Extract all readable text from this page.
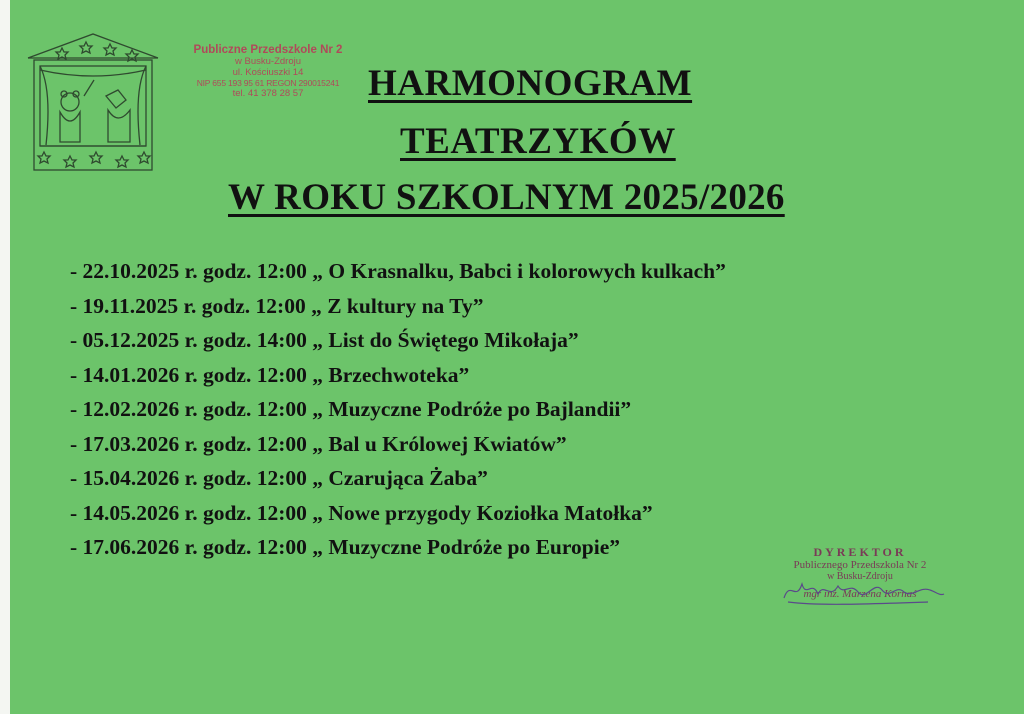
Publiczne Przedszkole Nr 2
w Busku-Zdroju
ul. Kościuszki 14
NIP 655 193 95 61 REGON 290015241
tel. 41 378 28 57	HARMONOGRAM
TEATRZYKÓW
W ROKU SZKOLNYM 2025/2026
- 22.10.2025 r. godz. 12:00 „ O Krasnalku, Babci i kolorowych kulkach”
- 19.11.2025 r. godz. 12:00 „ Z kultury na Ty”
- 05.12.2025 r. godz. 14:00 „ List do Świętego Mikołaja”
- 14.01.2026 r. godz. 12:00 „ Brzechwoteka”
- 12.02.2026 r. godz. 12:00 „ Muzyczne Podróże po Bajlandii”
- 17.03.2026 r. godz. 12:00 „ Bal u Królowej Kwiatów”
- 15.04.2026 r. godz. 12:00 „ Czarująca Żaba”
- 14.05.2026 r. godz. 12:00 „ Nowe przygody Koziołka Matołka”
- 17.06.2026 r. godz. 12:00 „ Muzyczne Podróże po Europie”	DYREKTOR
Publicznego Przedszkola Nr 2
w Busku-Zdroju
mgr inż. Marzena Kornaś
